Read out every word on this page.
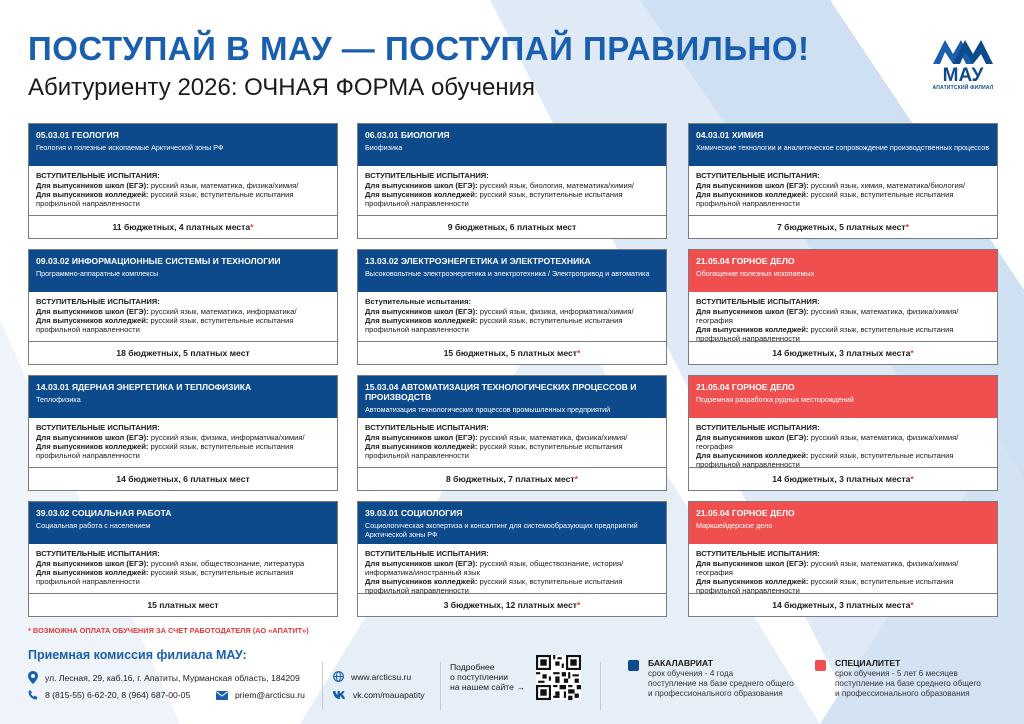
ПОСТУПАЙ В МАУ — ПОСТУПАЙ ПРАВИЛЬНО!
Абитуриенту 2026: ОЧНАЯ ФОРМА обучения	МАУ
АПАТИТСКИЙ ФИЛИАЛ
05.03.01 ГЕОЛОГИЯ
Геология и полезные ископаемые Арктической зоны РФ
ВСТУПИТЕЛЬНЫЕ ИСПЫТАНИЯ:
Для выпускников школ (ЕГЭ): русский язык, математика, физика/химия/
Для выпускников колледжей: русский язык, вступительные испытания профильной направленности
11 бюджетных, 4 платных места*
06.03.01 БИОЛОГИЯ
Биофизика
ВСТУПИТЕЛЬНЫЕ ИСПЫТАНИЯ:
Для выпускников школ (ЕГЭ): русский язык, биология, математика/химия/
Для выпускников колледжей: русский язык, вступительные испытания профильной направленности
9 бюджетных, 6 платных мест
04.03.01 ХИМИЯ
Химические технологии и аналитическое сопровождение производственных процессов
ВСТУПИТЕЛЬНЫЕ ИСПЫТАНИЯ:
Для выпускников школ (ЕГЭ): русский язык, химия, математика/биология/
Для выпускников колледжей: русский язык, вступительные испытания профильной направленности
7 бюджетных, 5 платных мест*
09.03.02 ИНФОРМАЦИОННЫЕ СИСТЕМЫ И ТЕХНОЛОГИИ
Программно-аппаратные комплексы
ВСТУПИТЕЛЬНЫЕ ИСПЫТАНИЯ:
Для выпускников школ (ЕГЭ): русский язык, математика, информатика/
Для выпускников колледжей: русский язык, вступительные испытания профильной направленности
18 бюджетных, 5 платных мест
13.03.02 ЭЛЕКТРОЭНЕРГЕТИКА И ЭЛЕКТРОТЕХНИКА
Высоковольтные электроэнергетика и электротехника / Электропривод и автоматика
Вступительные испытания:
Для выпускников школ (ЕГЭ): русский язык, физика, информатика/химия/
Для выпускников колледжей: русский язык, вступительные испытания профильной направленности
15 бюджетных, 5 платных мест*
21.05.04 ГОРНОЕ ДЕЛО
Обогащение полезных ископаемых
ВСТУПИТЕЛЬНЫЕ ИСПЫТАНИЯ:
Для выпускников школ (ЕГЭ): русский язык, математика, физика/химия/география
Для выпускников колледжей: русский язык, вступительные испытания профильной направленности
14 бюджетных, 3 платных места*
14.03.01 ЯДЕРНАЯ ЭНЕРГЕТИКА И ТЕПЛОФИЗИКА
Теплофизика
ВСТУПИТЕЛЬНЫЕ ИСПЫТАНИЯ:
Для выпускников школ (ЕГЭ): русский язык, физика, информатика/химия/
Для выпускников колледжей: русский язык, вступительные испытания профильной направленности
14 бюджетных, 6 платных мест
15.03.04 АВТОМАТИЗАЦИЯ ТЕХНОЛОГИЧЕСКИХ ПРОЦЕССОВ И ПРОИЗВОДСТВ
Автоматизация технологических процессов промышленных предприятий
ВСТУПИТЕЛЬНЫЕ ИСПЫТАНИЯ:
Для выпускников школ (ЕГЭ): русский язык, математика, физика/химия/
Для выпускников колледжей: русский язык, вступительные испытания профильной направленности
8 бюджетных, 7 платных мест*
21.05.04 ГОРНОЕ ДЕЛО
Подземная разработка рудных месторождений
ВСТУПИТЕЛЬНЫЕ ИСПЫТАНИЯ:
Для выпускников школ (ЕГЭ): русский язык, математика, физика/химия/география
Для выпускников колледжей: русский язык, вступительные испытания профильной направленности
14 бюджетных, 3 платных места*
39.03.02 СОЦИАЛЬНАЯ РАБОТА
Социальная работа с населением
ВСТУПИТЕЛЬНЫЕ ИСПЫТАНИЯ:
Для выпускников школ (ЕГЭ): русский язык, обществознание, литература
Для выпускников колледжей: русский язык, вступительные испытания профильной направленности
15 платных мест
39.03.01 СОЦИОЛОГИЯ
Социологическая экспертиза и консалтинг для системообразующих предприятий Арктической зоны РФ
ВСТУПИТЕЛЬНЫЕ ИСПЫТАНИЯ:
Для выпускников школ (ЕГЭ): русский язык, обществознание, история/информатика/иностранный язык
Для выпускников колледжей: русский язык, вступительные испытания профильной направленности
3 бюджетных, 12 платных мест*
21.05.04 ГОРНОЕ ДЕЛО
Маркшейдерское дело
ВСТУПИТЕЛЬНЫЕ ИСПЫТАНИЯ:
Для выпускников школ (ЕГЭ): русский язык, математика, физика/химия/география
Для выпускников колледжей: русский язык, вступительные испытания профильной направленности
14 бюджетных, 3 платных места*
* ВОЗМОЖНА ОПЛАТА ОБУЧЕНИЯ ЗА СЧЕТ РАБОТОДАТЕЛЯ (АО «АПАТИТ»)
Приемная комиссия филиала МАУ:
ул. Лесная, 29, каб.16, г. Апатиты, Мурманская область, 184209
8 (815-55) 6-62-20, 8 (964) 687-00-05	priem@arcticsu.ru
www.arcticsu.ru
vk.com/mauapatity
Подробнее
о поступлении
на нашем сайте →
БАКАЛАВРИАТ
срок обучения - 4 года
поступление на базе среднего общего
и профессионального образования
СПЕЦИАЛИТЕТ
срок обучения - 5 лет 6 месяцев
поступление на базе среднего общего
и профессионального образования
